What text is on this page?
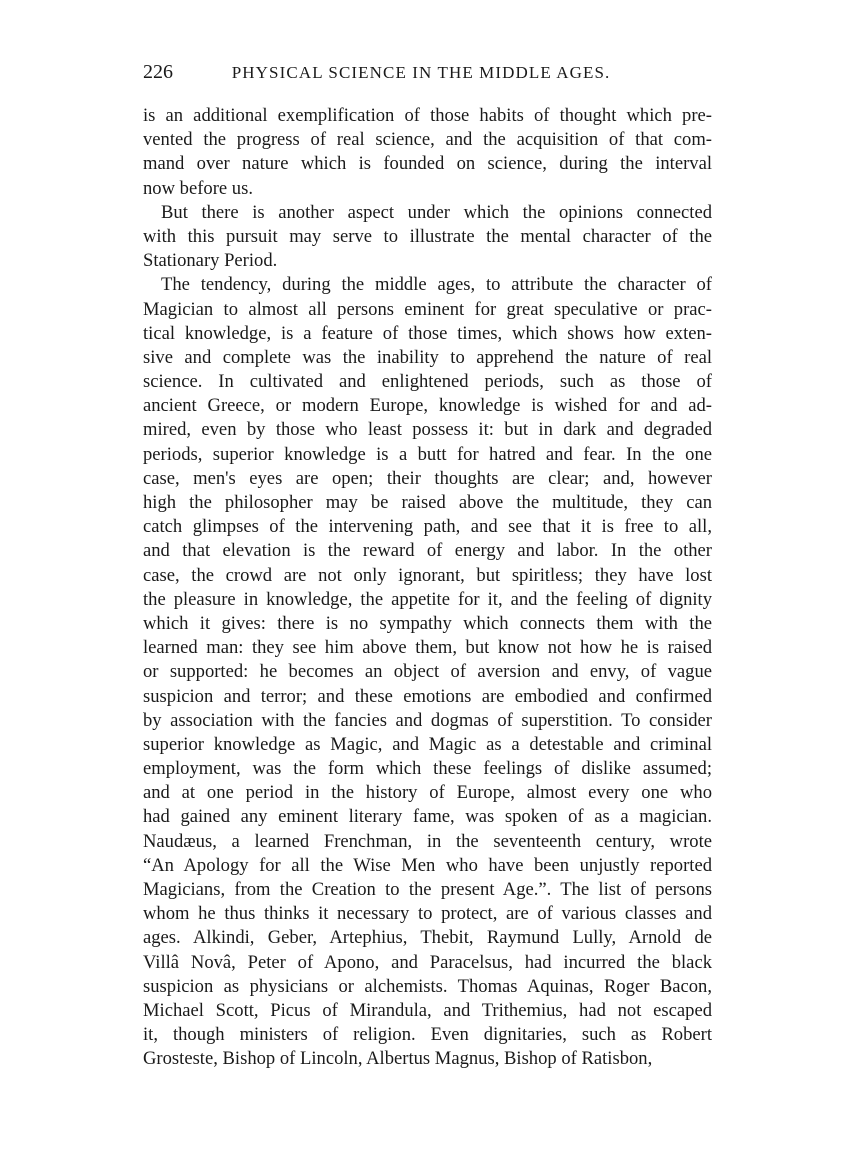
226	PHYSICAL SCIENCE IN THE MIDDLE AGES.
is an additional exemplification of those habits of thought which pre-
vented the progress of real science, and the acquisition of that com-
mand over nature which is founded on science, during the interval
now before us.
But there is another aspect under which the opinions connected
with this pursuit may serve to illustrate the mental character of the
Stationary Period.
The tendency, during the middle ages, to attribute the character of
Magician to almost all persons eminent for great speculative or prac-
tical knowledge, is a feature of those times, which shows how exten-
sive and complete was the inability to apprehend the nature of real
science. In cultivated and enlightened periods, such as those of
ancient Greece, or modern Europe, knowledge is wished for and ad-
mired, even by those who least possess it: but in dark and degraded
periods, superior knowledge is a butt for hatred and fear. In the one
case, men's eyes are open; their thoughts are clear; and, however
high the philosopher may be raised above the multitude, they can
catch glimpses of the intervening path, and see that it is free to all,
and that elevation is the reward of energy and labor. In the other
case, the crowd are not only ignorant, but spiritless; they have lost
the pleasure in knowledge, the appetite for it, and the feeling of dignity
which it gives: there is no sympathy which connects them with the
learned man: they see him above them, but know not how he is raised
or supported: he becomes an object of aversion and envy, of vague
suspicion and terror; and these emotions are embodied and confirmed
by association with the fancies and dogmas of superstition. To consider
superior knowledge as Magic, and Magic as a detestable and criminal
employment, was the form which these feelings of dislike assumed;
and at one period in the history of Europe, almost every one who
had gained any eminent literary fame, was spoken of as a magician.
Naudæus, a learned Frenchman, in the seventeenth century, wrote
“An Apology for all the Wise Men who have been unjustly reported
Magicians, from the Creation to the present Age.”. The list of persons
whom he thus thinks it necessary to protect, are of various classes and
ages. Alkindi, Geber, Artephius, Thebit, Raymund Lully, Arnold de
Villâ Novâ, Peter of Apono, and Paracelsus, had incurred the black
suspicion as physicians or alchemists. Thomas Aquinas, Roger Bacon,
Michael Scott, Picus of Mirandula, and Trithemius, had not escaped
it, though ministers of religion. Even dignitaries, such as Robert
Grosteste, Bishop of Lincoln, Albertus Magnus, Bishop of Ratisbon,
